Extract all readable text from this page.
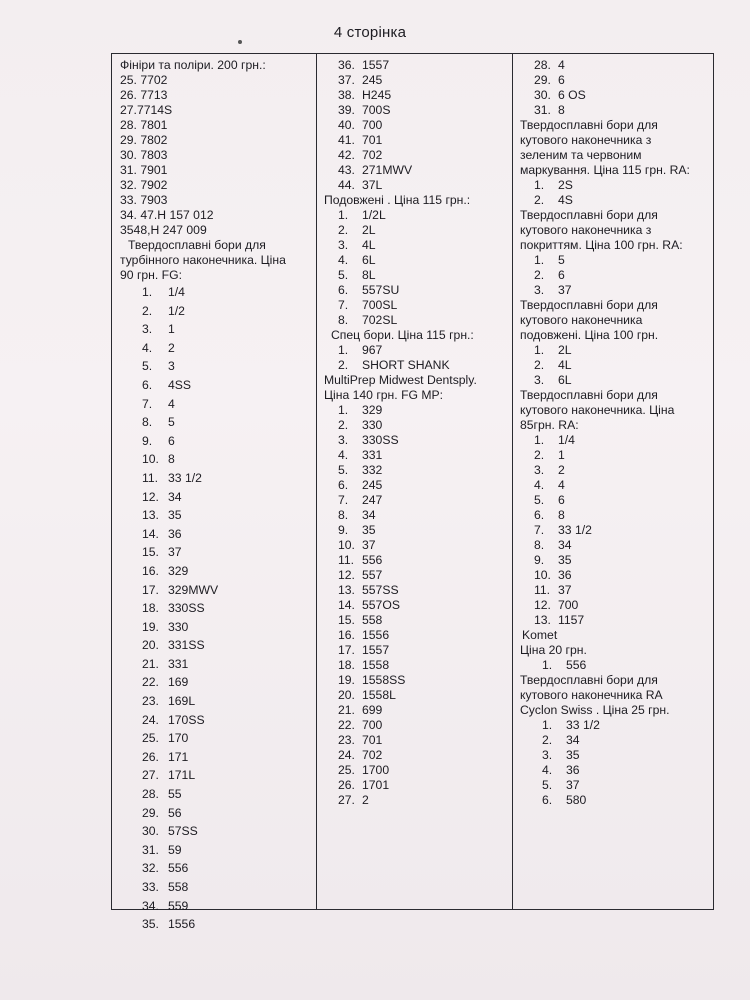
4 сторінка
Фініри та поліри. 200 грн.:
25. 7702
26. 7713
27.7714S
28. 7801
29. 7802
30. 7803
31. 7901
32. 7902
33. 7903
34. 47.Н 157 012
3548,Н 247 009
Твердосплавні бори для
турбінного наконечника. Ціна
90 грн. FG:
1. 1/4
2. 1/2
3. 1
4. 2
5. 3
6. 4SS
7. 4
8. 5
9. 6
10. 8
11. 33 1/2
12. 34
13. 35
14. 36
15. 37
16. 329
17. 329MWV
18. 330SS
19. 330
20. 331SS
21. 331
22. 169
23. 169L
24. 170SS
25. 170
26. 171
27. 171L
28. 55
29. 56
30. 57SS
31. 59
32. 556
33. 558
34. 559
35. 1556
36. 1557
37. 245
38. H245
39. 700S
40. 700
41. 701
42. 702
43. 271MWV
44. 37L
Подовжені . Ціна 115 грн.:
1. 1/2L
2. 2L
3. 4L
4. 6L
5. 8L
6. 557SU
7. 700SL
8. 702SL
Спец бори. Ціна 115 грн.:
1. 967
2. SHORT SHANK
MultiPrep Midwest Dentsply.
Ціна 140 грн. FG MP:
1. 329
2. 330
3. 330SS
4. 331
5. 332
6. 245
7. 247
8. 34
9. 35
10. 37
11. 556
12. 557
13. 557SS
14. 557OS
15. 558
16. 1556
17. 1557
18. 1558
19. 1558SS
20. 1558L
21. 699
22. 700
23. 701
24. 702
25. 1700
26. 1701
27. 2
28. 4
29. 6
30. 6 OS
31. 8
Твердосплавні бори для
кутового наконечника з
зеленим та червоним
маркування. Ціна 115 грн. RA:
1. 2S
2. 4S
Твердосплавні бори для
кутового наконечника з
покриттям. Ціна 100 грн. RA:
1. 5
2. 6
3. 37
Твердосплавні бори для
кутового наконечника
подовжені. Ціна 100 грн.
1. 2L
2. 4L
3. 6L
Твердосплавні бори для
кутового наконечника. Ціна
85грн. RA:
1. 1/4
2. 1
3. 2
4. 4
5. 6
6. 8
7. 33 1/2
8. 34
9. 35
10. 36
11. 37
12. 700
13. 1157
Komet
Ціна 20 грн.
1. 556
Твердосплавні бори для
кутового наконечника RA
Cyclon Swiss . Ціна 25 грн.
1. 33 1/2
2. 34
3. 35
4. 36
5. 37
6. 580
